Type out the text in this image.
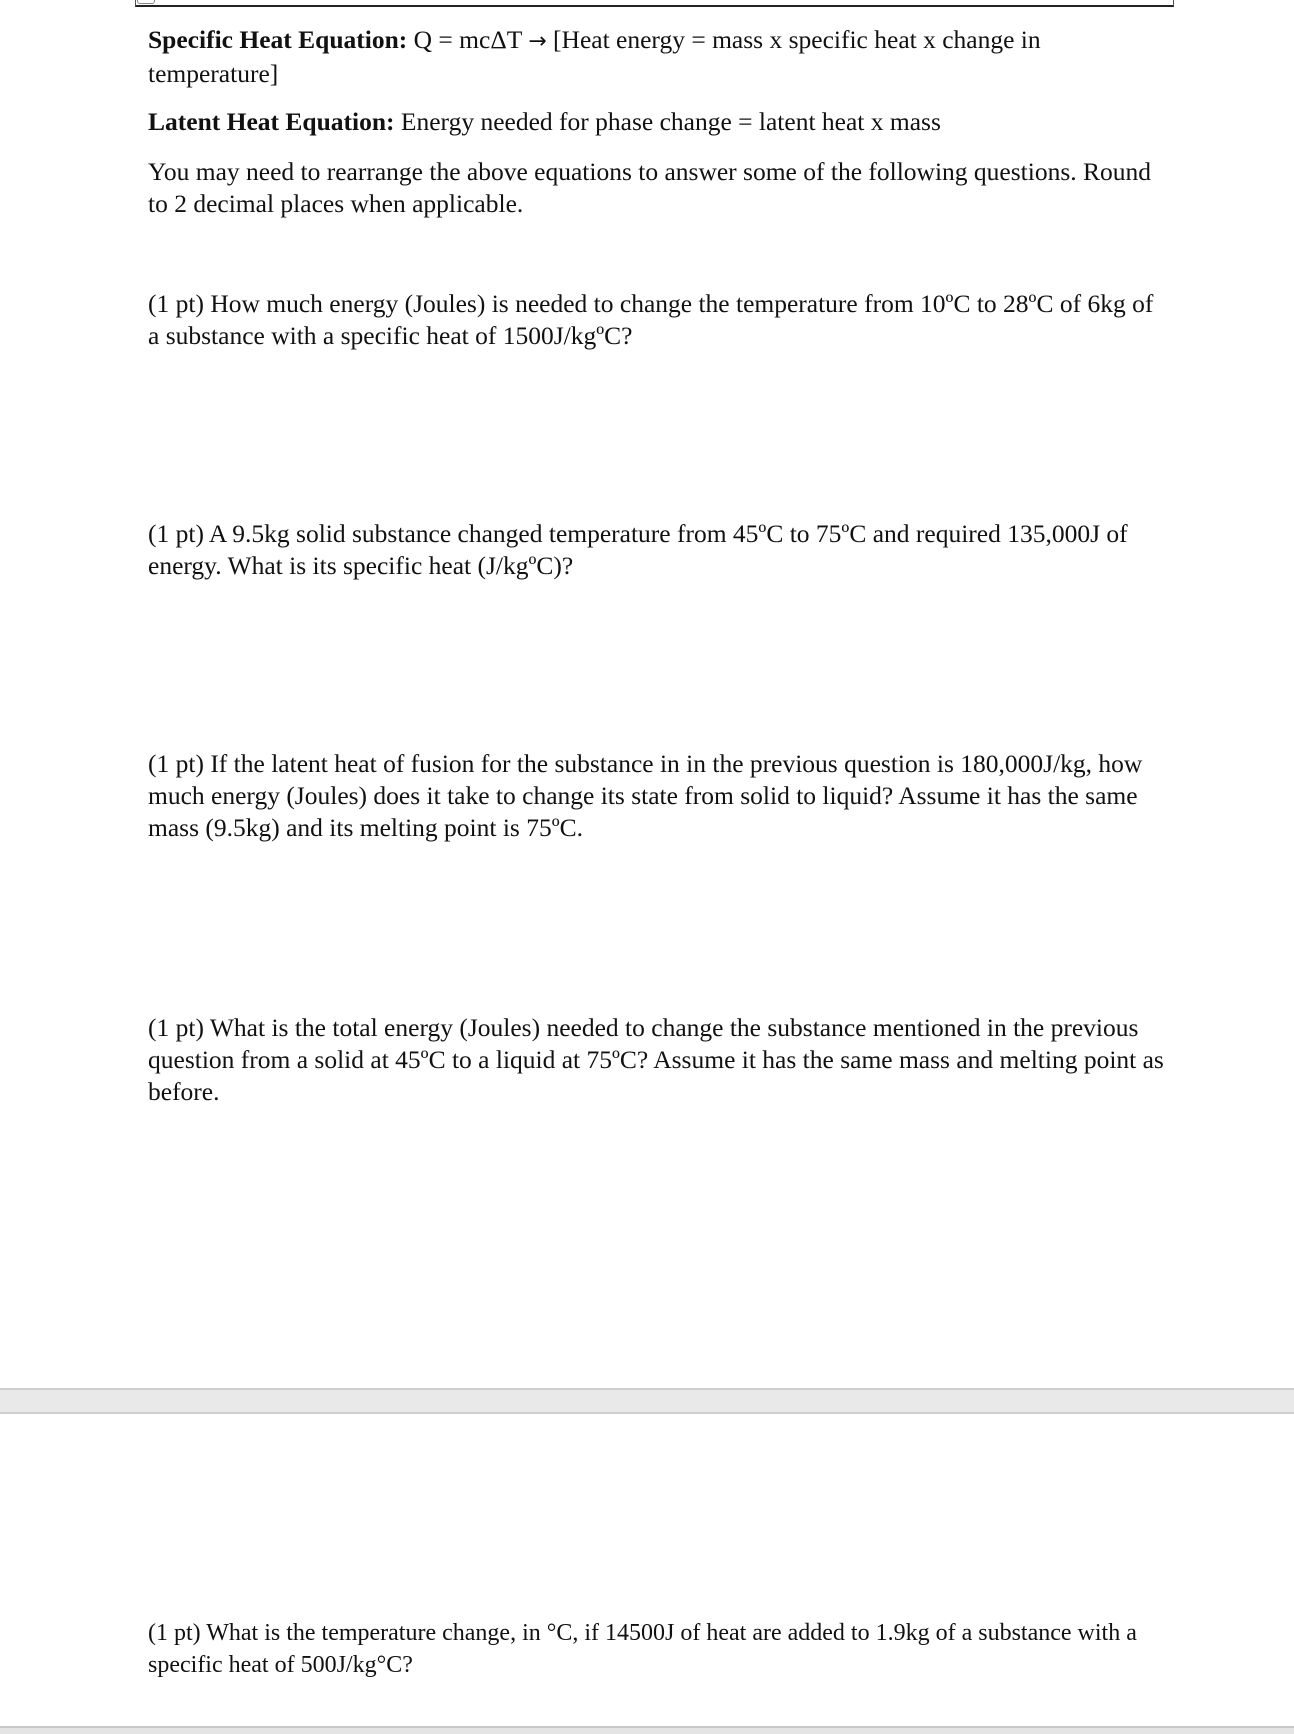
Specific Heat Equation: Q = mcΔT → [Heat energy = mass x specific heat x change in temperature]

Latent Heat Equation: Energy needed for phase change = latent heat x mass

You may need to rearrange the above equations to answer some of the following questions. Round to 2 decimal places when applicable.

(1 pt) How much energy (Joules) is needed to change the temperature from 10ºC to 28ºC of 6kg of a substance with a specific heat of 1500J/kgºC?

(1 pt) A 9.5kg solid substance changed temperature from 45ºC to 75ºC and required 135,000J of energy. What is its specific heat (J/kgºC)?

(1 pt) If the latent heat of fusion for the substance in in the previous question is 180,000J/kg, how much energy (Joules) does it take to change its state from solid to liquid? Assume it has the same mass (9.5kg) and its melting point is 75ºC.

(1 pt) What is the total energy (Joules) needed to change the substance mentioned in the previous question from a solid at 45ºC to a liquid at 75ºC? Assume it has the same mass and melting point as before.

(1 pt) What is the temperature change, in °C, if 14500J of heat are added to 1.9kg of a substance with a specific heat of 500J/kg°C?
